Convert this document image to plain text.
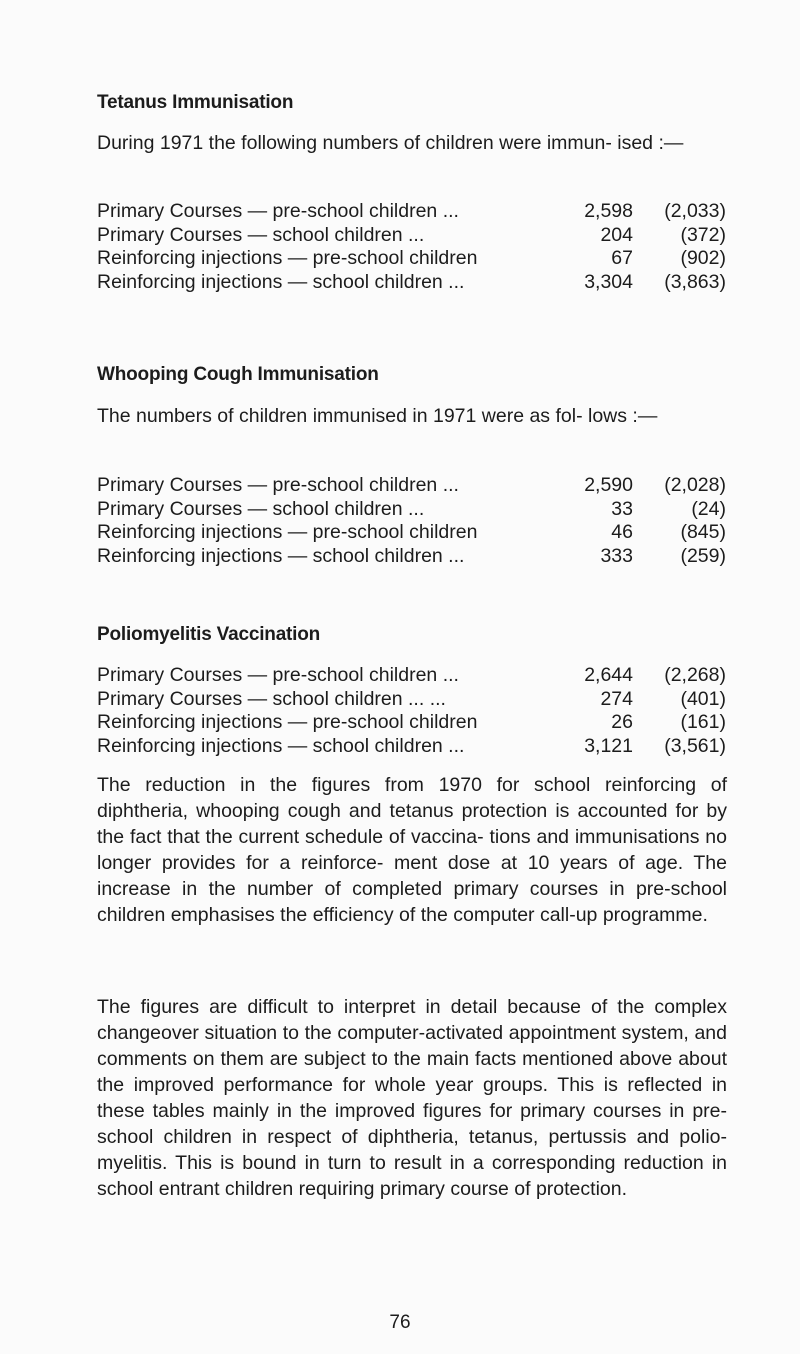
Tetanus Immunisation

During 1971 the following numbers of children were immun- ised :—

Primary Courses — pre-school children ...	2,598 (2,033)
Primary Courses — school children ...	204 (372)
Reinforcing injections — pre-school children	67 (902)
Reinforcing injections — school children ...	3,304 (3,863)
Whooping Cough Immunisation

The numbers of children immunised in 1971 were as fol- lows :—

Primary Courses — pre-school children ...	2,590 (2,028)
Primary Courses — school children ...	33	(24)
Reinforcing injections — pre-school children	46 (845)
Reinforcing injections — school children ...	333 (259)
Poliomyelitis Vaccination
Primary Courses — pre-school children ...	2,644 (2,268)
Primary Courses — school children ... ...	274 (401)
Reinforcing injections — pre-school children	26 (161)
Reinforcing injections — school children ...	3,121 (3,561)

The reduction in the figures from 1970 for school reinforcing of diphtheria, whooping cough and tetanus protection is accounted for by the fact that the current schedule of vaccina- tions and immunisations no longer provides for a reinforce- ment dose at 10 years of age. The increase in the number of completed primary courses in pre-school children emphasises the efficiency of the computer call-up programme.

The figures are difficult to interpret in detail because of the complex changeover situation to the computer-activated appointment system, and comments on them are subject to the main facts mentioned above about the improved performance for whole year groups. This is reflected in these tables mainly in the improved figures for primary courses in pre-school children in respect of diphtheria, tetanus, pertussis and polio- myelitis. This is bound in turn to result in a corresponding reduction in school entrant children requiring primary course of protection.

76
